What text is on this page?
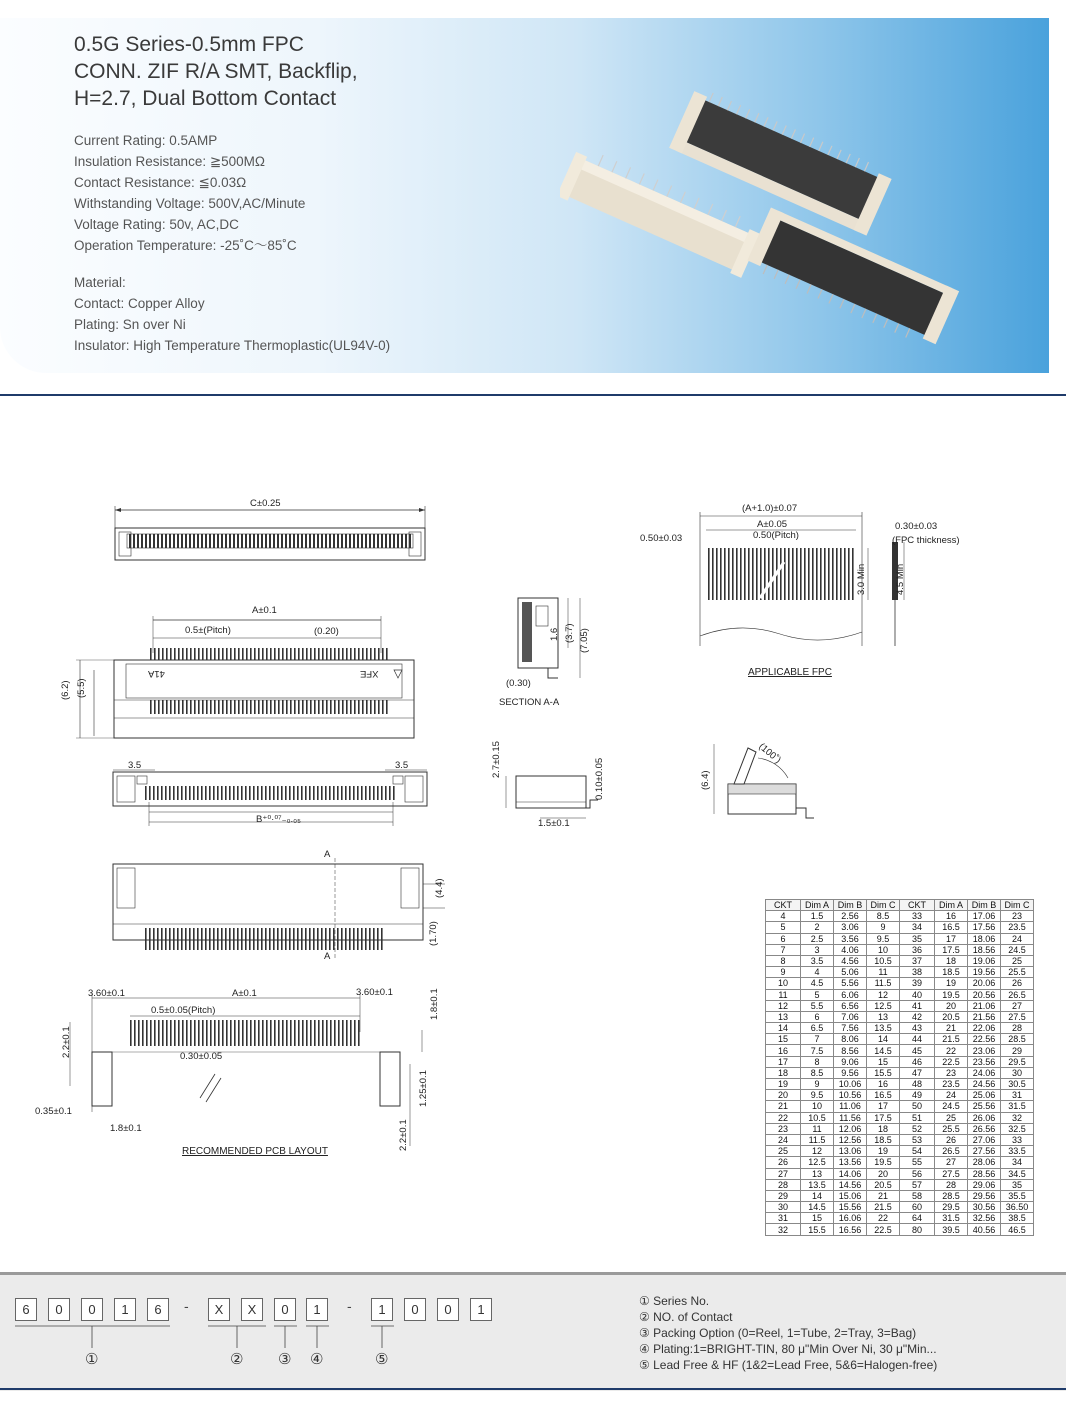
0.5G Series-0.5mm FPC
CONN. ZIF R/A SMT, Backflip,
H=2.7, Dual Bottom Contact
Current Rating: 0.5AMP
Insulation Resistance: ≧500MΩ
Contact Resistance: ≦0.03Ω
Withstanding Voltage: 500V,AC/Minute
Voltage Rating: 50v, AC,DC
Operation Temperature: -25˚C～85˚C
Material:
Contact: Copper Alloy
Plating: Sn over Ni
Insulator: High Temperature Thermoplastic(UL94V-0)
C±0.25
A±0.1
0.5±(Pitch)	(0.20)
(6.2) (5.5)
41A	XFE
3.5	3.5
B⁺⁰·⁰⁷₋₀.₀₅
A
A
(4.4)
(1.70)
3.60±0.1	A±0.1	3.60±0.1
0.5±0.05(Pitch)
0.30±0.05
2.2±0.1
1.8±0.1
1.25±0.1
2.2±0.1
0.35±0.1
1.8±0.1
RECOMMENDED PCB LAYOUT
1.6 (3.7) (7.05)
(0.30)
SECTION A-A
2.7±0.15	0.10±0.05
1.5±0.1
(6.4)
(100˚)
(A+1.0)±0.07
A±0.05
0.50±0.03	0.50(Pitch)
3.0 Min
0.30±0.03
(FPC thickness)
4.5 Min
APPLICABLE FPC
CKT	Dim A	Dim B	Dim C	CKT	Dim A	Dim B	Dim C
4	1.5	2.56	8.5	33	16	17.06	23
5	2	3.06	9	34	16.5	17.56	23.5
6	2.5	3.56	9.5	35	17	18.06	24
7	3	4.06	10	36	17.5	18.56	24.5
8	3.5	4.56	10.5	37	18	19.06	25
9	4	5.06	11	38	18.5	19.56	25.5
10	4.5	5.56	11.5	39	19	20.06	26
11	5	6.06	12	40	19.5	20.56	26.5
12	5.5	6.56	12.5	41	20	21.06	27
13	6	7.06	13	42	20.5	21.56	27.5
14	6.5	7.56	13.5	43	21	22.06	28
15	7	8.06	14	44	21.5	22.56	28.5
16	7.5	8.56	14.5	45	22	23.06	29
17	8	9.06	15	46	22.5	23.56	29.5
18	8.5	9.56	15.5	47	23	24.06	30
19	9	10.06	16	48	23.5	24.56	30.5
20	9.5	10.56	16.5	49	24	25.06	31
21	10	11.06	17	50	24.5	25.56	31.5
22	10.5	11.56	17.5	51	25	26.06	32
23	11	12.06	18	52	25.5	26.56	32.5
24	11.5	12.56	18.5	53	26	27.06	33
25	12	13.06	19	54	26.5	27.56	33.5
26	12.5	13.56	19.5	55	27	28.06	34
27	13	14.06	20	56	27.5	28.56	34.5
28	13.5	14.56	20.5	57	28	29.06	35
29	14	15.06	21	58	28.5	29.56	35.5
30	14.5	15.56	21.5	60	29.5	30.56	36.50
31	15	16.06	22	64	31.5	32.56	38.5
32	15.5	16.56	22.5	80	39.5	40.56	46.5
6	0	0	1	6	-	X	X	0	1	-	1	0	0	1
①	② ③ ④	⑤
① Series No.
② NO. of Contact
③ Packing Option (0=Reel, 1=Tube, 2=Tray, 3=Bag)
④ Plating:1=BRIGHT-TIN, 80 μ"Min Over Ni, 30 μ"Min...
⑤ Lead Free & HF (1&2=Lead Free, 5&6=Halogen-free)
